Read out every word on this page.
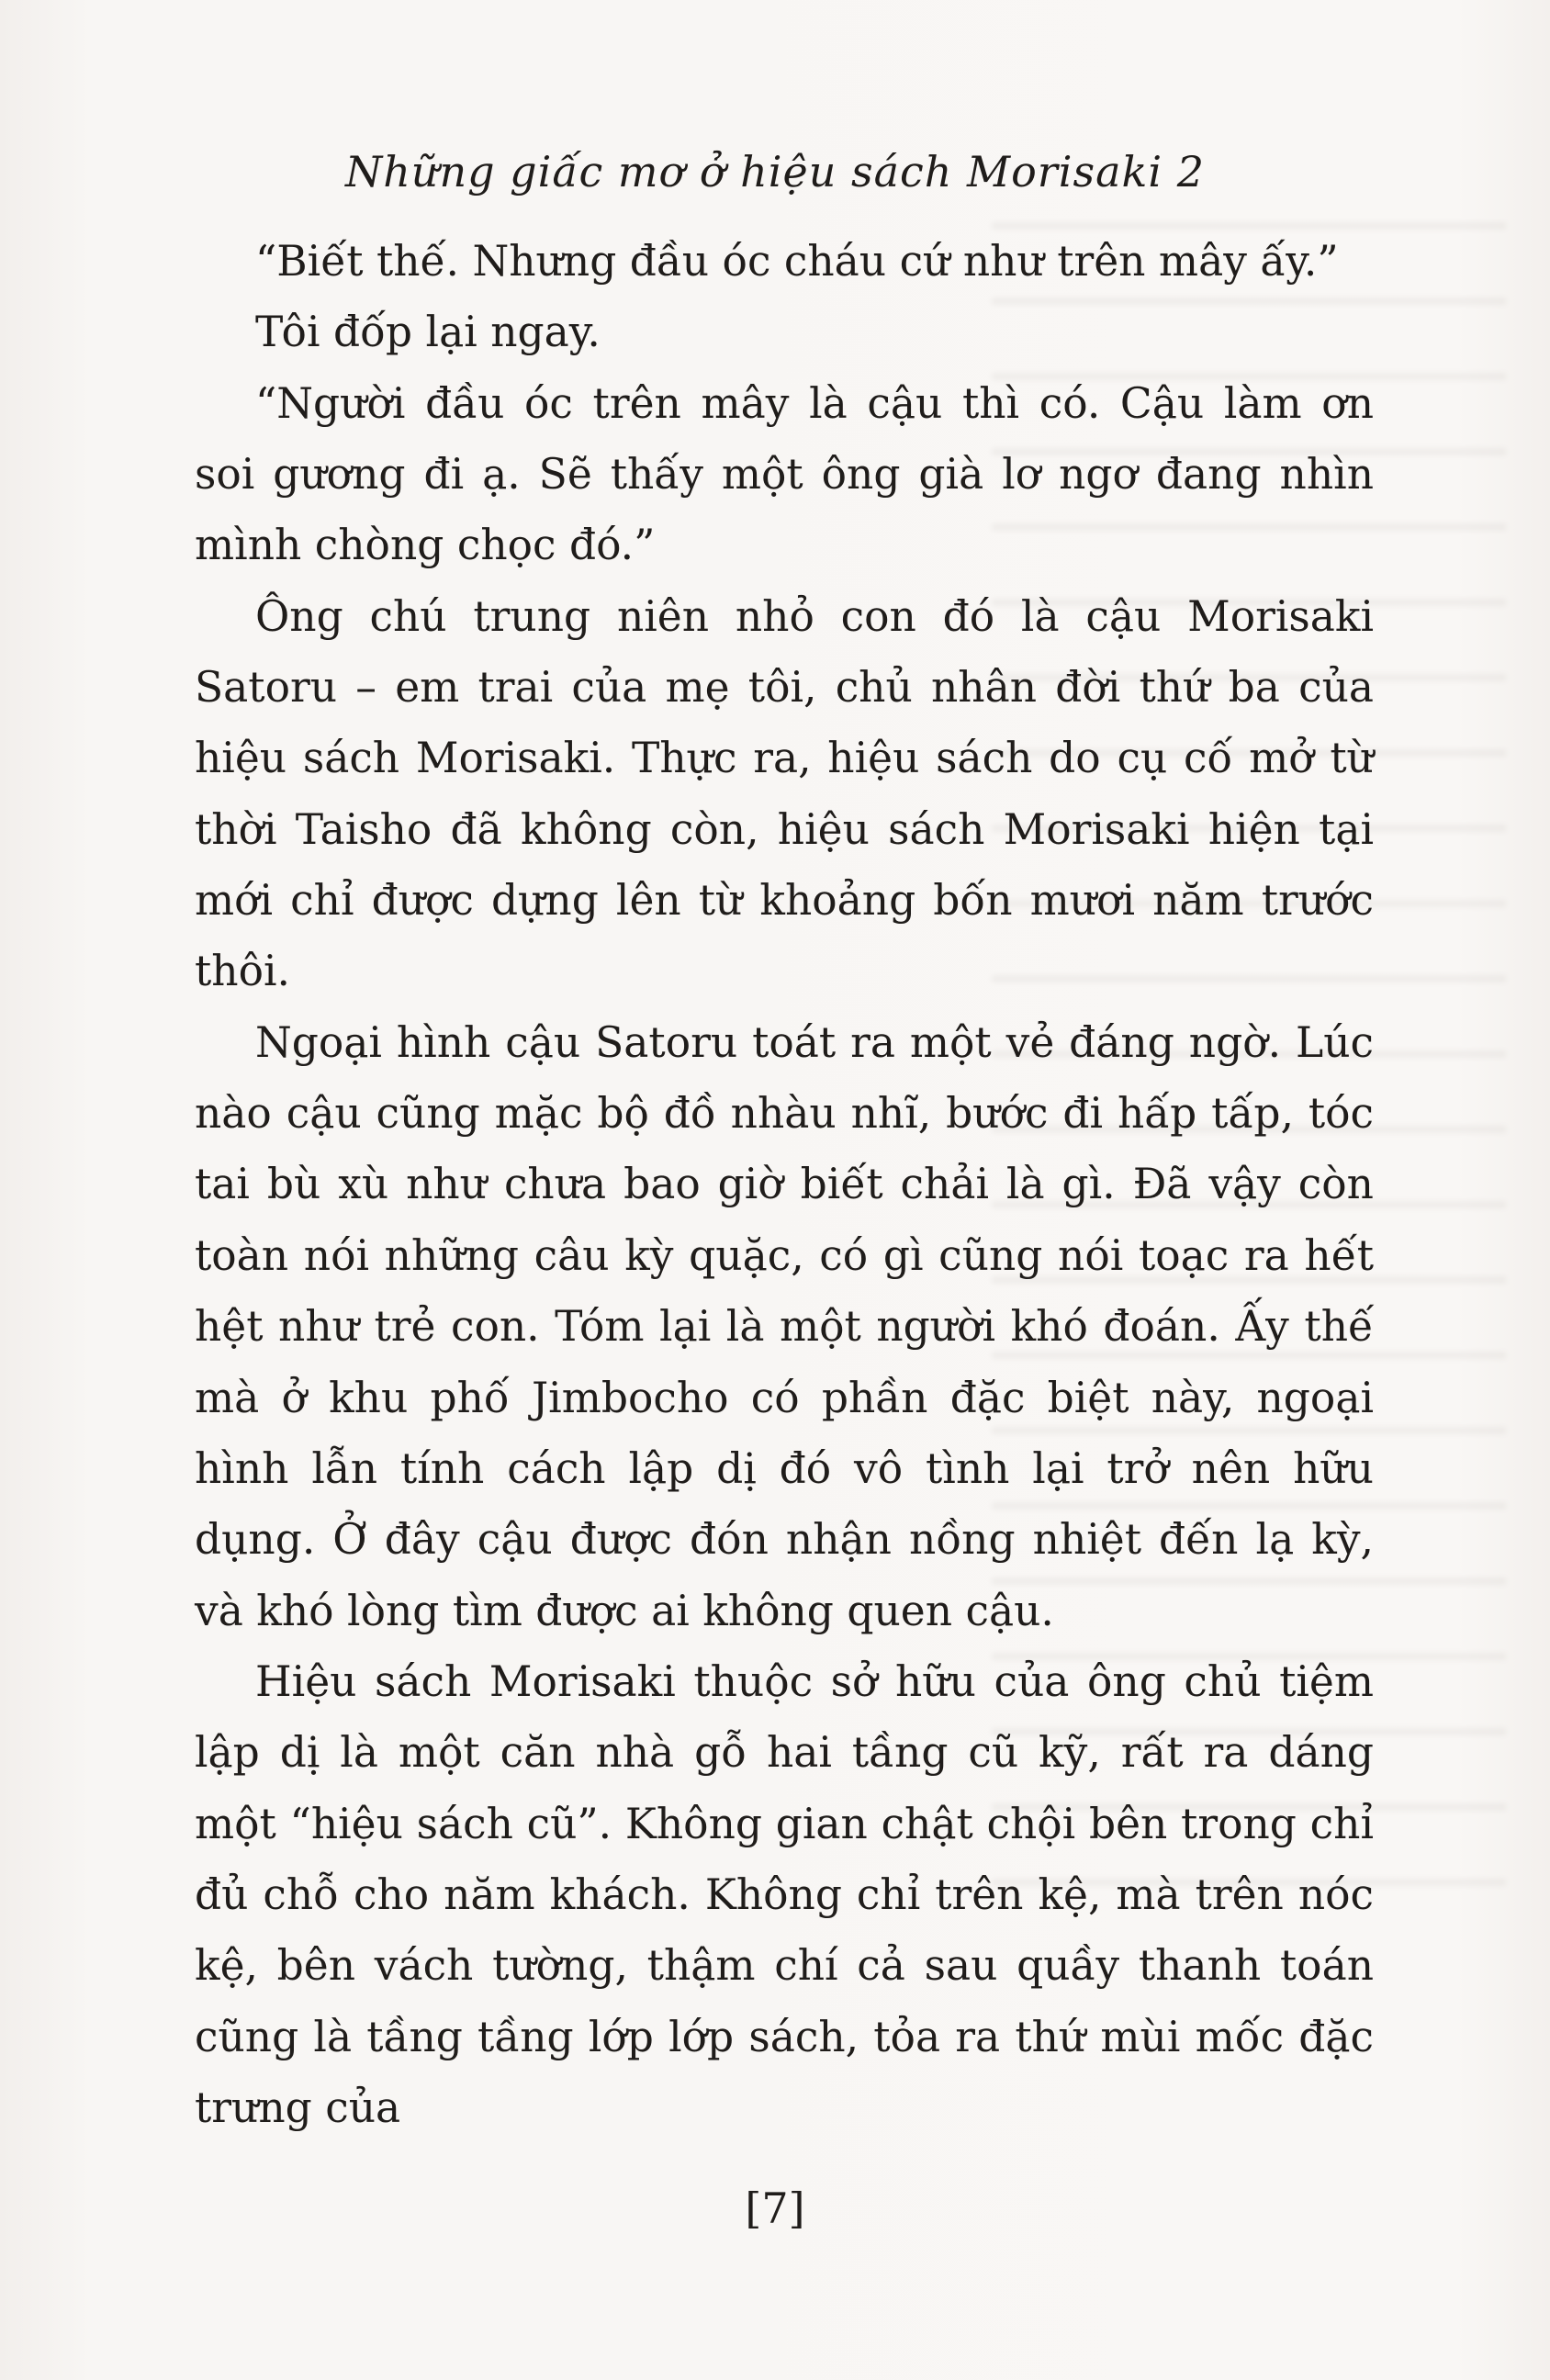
Những giấc mơ ở hiệu sách Morisaki 2

“Biết thế. Nhưng đầu óc cháu cứ như trên mây ấy.”

Tôi đốp lại ngay.

“Người đầu óc trên mây là cậu thì có. Cậu làm ơn soi gương đi ạ. Sẽ thấy một ông già lơ ngơ đang nhìn mình chòng chọc đó.”

Ông chú trung niên nhỏ con đó là cậu Morisaki Satoru – em trai của mẹ tôi, chủ nhân đời thứ ba của hiệu sách Morisaki. Thực ra, hiệu sách do cụ cố mở từ thời Taisho đã không còn, hiệu sách Morisaki hiện tại mới chỉ được dựng lên từ khoảng bốn mươi năm trước thôi.

Ngoại hình cậu Satoru toát ra một vẻ đáng ngờ. Lúc nào cậu cũng mặc bộ đồ nhàu nhĩ, bước đi hấp tấp, tóc tai bù xù như chưa bao giờ biết chải là gì. Đã vậy còn toàn nói những câu kỳ quặc, có gì cũng nói toạc ra hết hệt như trẻ con. Tóm lại là một người khó đoán. Ấy thế mà ở khu phố Jimbocho có phần đặc biệt này, ngoại hình lẫn tính cách lập dị đó vô tình lại trở nên hữu dụng. Ở đây cậu được đón nhận nồng nhiệt đến lạ kỳ, và khó lòng tìm được ai không quen cậu.

Hiệu sách Morisaki thuộc sở hữu của ông chủ tiệm lập dị là một căn nhà gỗ hai tầng cũ kỹ, rất ra dáng một “hiệu sách cũ”. Không gian chật chội bên trong chỉ đủ chỗ cho năm khách. Không chỉ trên kệ, mà trên nóc kệ, bên vách tường, thậm chí cả sau quầy thanh toán cũng là tầng tầng lớp lớp sách, tỏa ra thứ mùi mốc đặc trưng của

[7]
